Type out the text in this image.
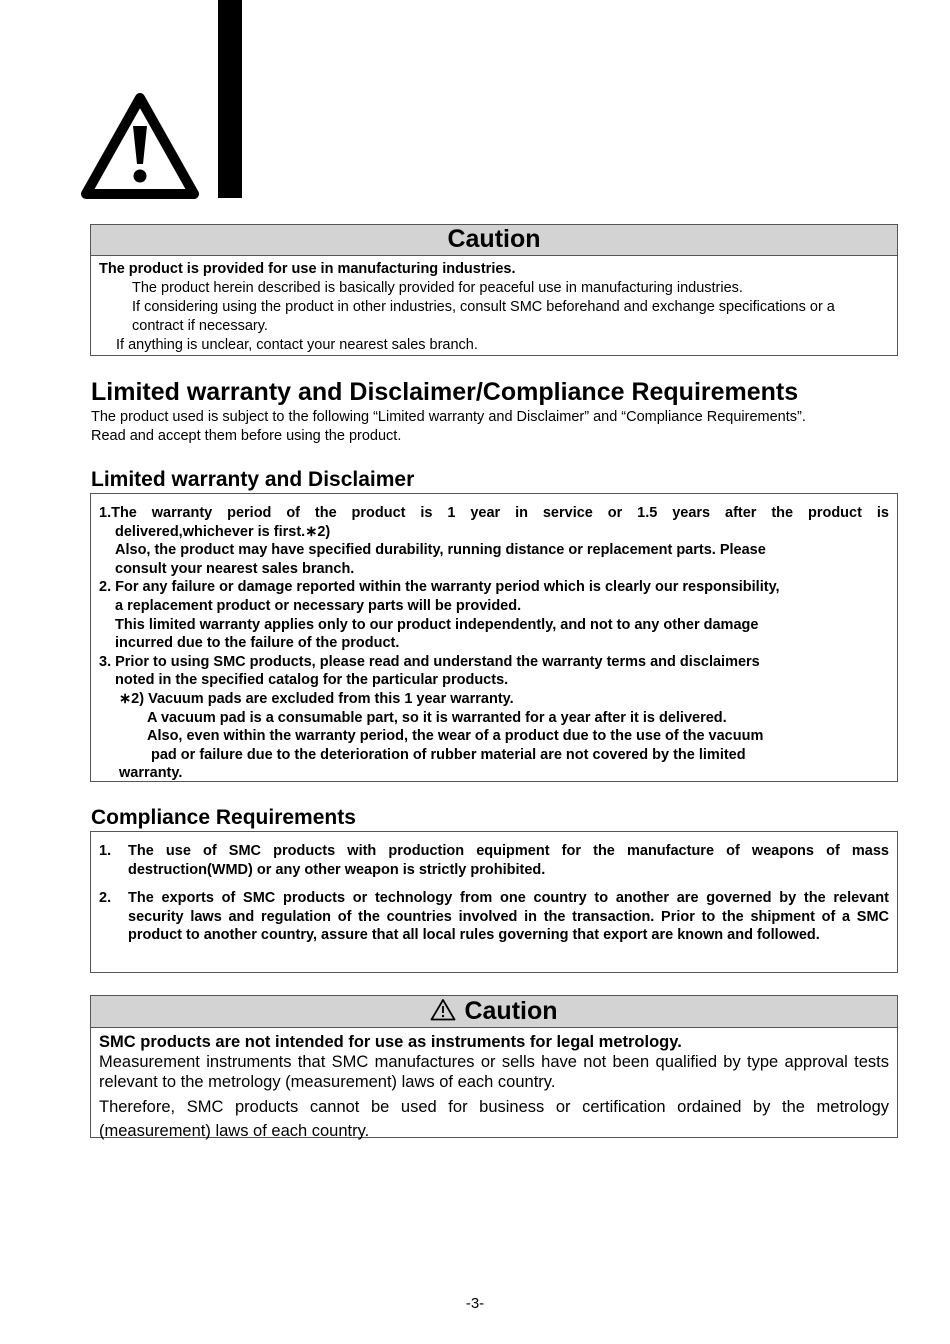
Caution

The product is provided for use in manufacturing industries.

The product herein described is basically provided for peaceful use in manufacturing industries.

If considering using the product in other industries, consult SMC beforehand and exchange specifications or a contract if necessary.

If anything is unclear, contact your nearest sales branch.

Limited warranty and Disclaimer/Compliance Requirements
The product used is subject to the following “Limited warranty and Disclaimer” and “Compliance Requirements”.
Read and accept them before using the product.
Limited warranty and Disclaimer
1.The warranty period of the product is 1 year in service or 1.5 years after the product is
delivered,whichever is first.∗2)
Also, the product may have specified durability, running distance or replacement parts. Please
consult your nearest sales branch.
2. For any failure or damage reported within the warranty period which is clearly our responsibility,
a replacement product or necessary parts will be provided.
This limited warranty applies only to our product independently, and not to any other damage
incurred due to the failure of the product.
3. Prior to using SMC products, please read and understand the warranty terms and disclaimers
noted in the specified catalog for the particular products.
∗2) Vacuum pads are excluded from this 1 year warranty.
A vacuum pad is a consumable part, so it is warranted for a year after it is delivered.
Also, even within the warranty period, the wear of a product due to the use of the vacuum
pad or failure due to the deterioration of rubber material are not covered by the limited
warranty.
Compliance Requirements
1.	The use of SMC products with production equipment for the manufacture of weapons of mass destruction(WMD) or any other weapon is strictly prohibited.
2.	The exports of SMC products or technology from one country to another are governed by the relevant security laws and regulation of the countries involved in the transaction. Prior to the shipment of a SMC product to another country, assure that all local rules governing that export are known and followed.
Caution

SMC products are not intended for use as instruments for legal metrology.

Measurement instruments that SMC manufactures or sells have not been qualified by type approval tests relevant to the metrology (measurement) laws of each country.

Therefore, SMC products cannot be used for business or certification ordained by the metrology (measurement) laws of each country.

-3-
